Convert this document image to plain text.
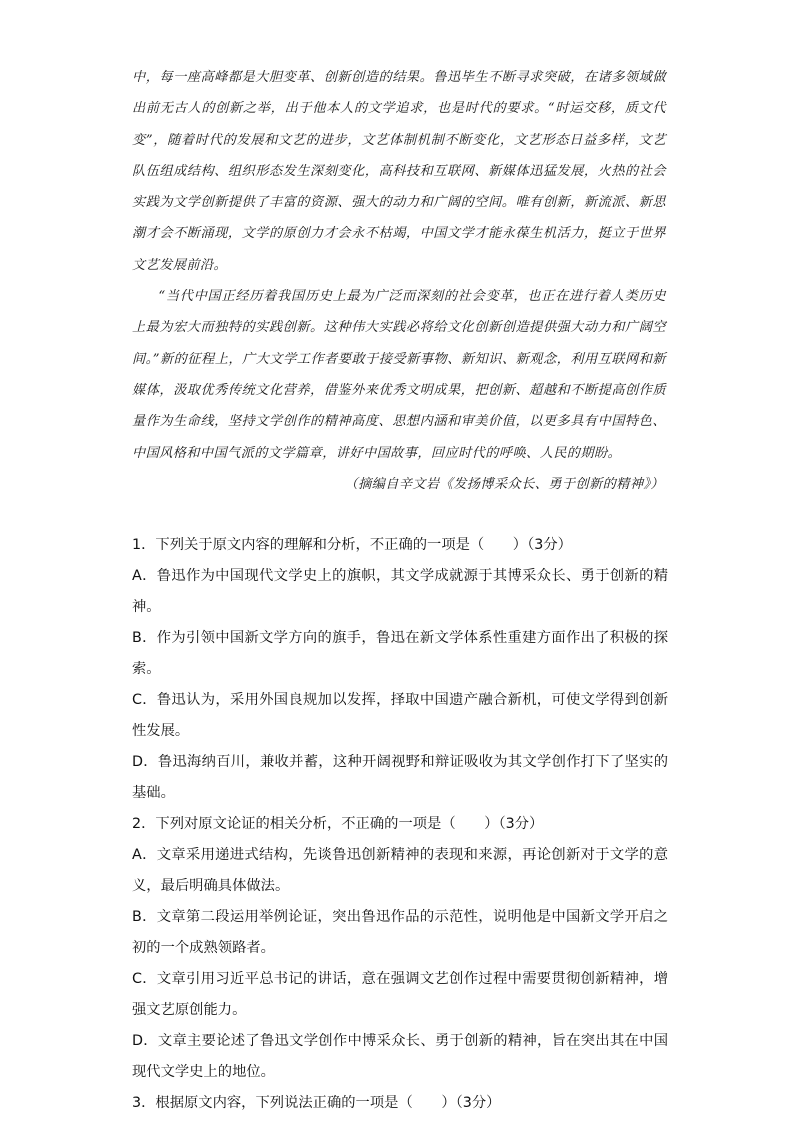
中，每一座高峰都是大胆变革、创新创造的结果。鲁迅毕生不断寻求突破，在诸多领域做出前无古人的创新之举，出于他本人的文学追求，也是时代的要求。“时运交移，质文代变”，随着时代的发展和文艺的进步，文艺体制机制不断变化，文艺形态日益多样，文艺队伍组成结构、组织形态发生深刻变化，高科技和互联网、新媒体迅猛发展，火热的社会实践为文学创新提供了丰富的资源、强大的动力和广阔的空间。唯有创新，新流派、新思潮才会不断涌现，文学的原创力才会永不枯竭，中国文学才能永葆生机活力，挺立于世界文艺发展前沿。

“当代中国正经历着我国历史上最为广泛而深刻的社会变革，也正在进行着人类历史上最为宏大而独特的实践创新。这种伟大实践必将给文化创新创造提供强大动力和广阔空间。”新的征程上，广大文学工作者要敢于接受新事物、新知识、新观念，利用互联网和新媒体，汲取优秀传统文化营养，借鉴外来优秀文明成果，把创新、超越和不断提高创作质量作为生命线，坚持文学创作的精神高度、思想内涵和审美价值，以更多具有中国特色、中国风格和中国气派的文学篇章，讲好中国故事，回应时代的呼唤、人民的期盼。

（摘编自辛文岩《发扬博采众长、勇于创新的精神》）

1．下列关于原文内容的理解和分析，不正确的一项是（　　）（3分）

A．鲁迅作为中国现代文学史上的旗帜，其文学成就源于其博采众长、勇于创新的精神。

B．作为引领中国新文学方向的旗手，鲁迅在新文学体系性重建方面作出了积极的探索。

C．鲁迅认为，采用外国良规加以发挥，择取中国遗产融合新机，可使文学得到创新性发展。

D．鲁迅海纳百川，兼收并蓄，这种开阔视野和辩证吸收为其文学创作打下了坚实的基础。

2．下列对原文论证的相关分析，不正确的一项是（　　）（3分）

A．文章采用递进式结构，先谈鲁迅创新精神的表现和来源，再论创新对于文学的意义，最后明确具体做法。

B．文章第二段运用举例论证，突出鲁迅作品的示范性，说明他是中国新文学开启之初的一个成熟领路者。

C．文章引用习近平总书记的讲话，意在强调文艺创作过程中需要贯彻创新精神，增强文艺原创能力。

D．文章主要论述了鲁迅文学创作中博采众长、勇于创新的精神，旨在突出其在中国现代文学史上的地位。

3．根据原文内容，下列说法正确的一项是（　　）（3分）
